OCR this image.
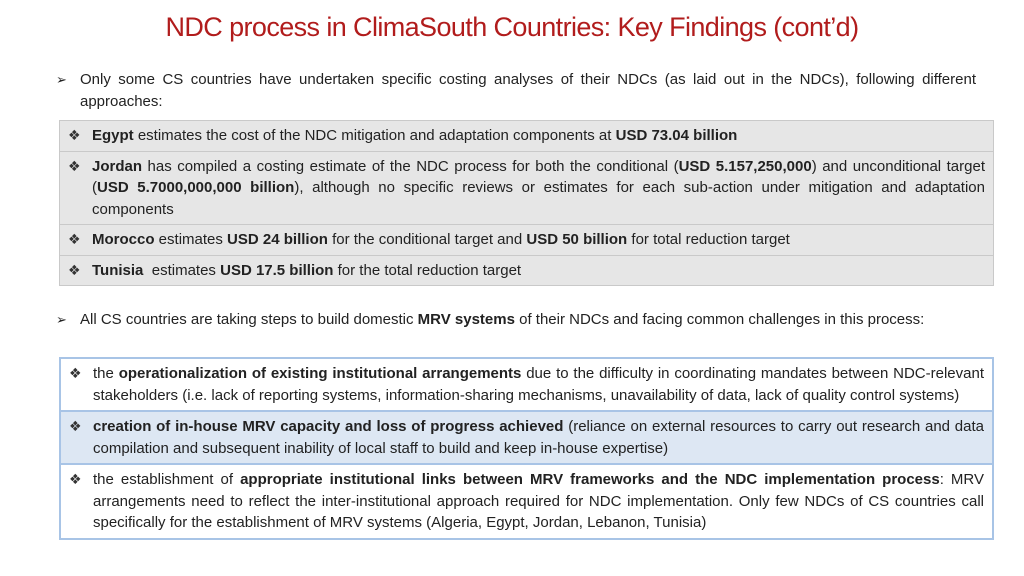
NDC process in ClimaSouth Countries: Key Findings (cont’d)
➢ Only some CS countries have undertaken specific costing analyses of their NDCs (as laid out in the NDCs), following different approaches:
❖ Egypt estimates the cost of the NDC mitigation and adaptation components at USD 73.04 billion
❖ Jordan has compiled a costing estimate of the NDC process for both the conditional (USD 5.157,250,000) and unconditional target (USD 5.7000,000,000 billion), although no specific reviews or estimates for each sub-action under mitigation and adaptation components
❖ Morocco estimates USD 24 billion for the conditional target and USD 50 billion for total reduction target
❖ Tunisia  estimates USD 17.5 billion for the total reduction target
➢ All CS countries are taking steps to build domestic MRV systems of their NDCs and facing common challenges in this process:
❖ the operationalization of existing institutional arrangements due to the difficulty in coordinating mandates between NDC-relevant stakeholders (i.e. lack of reporting systems, information-sharing mechanisms, unavailability of data, lack of quality control systems)
❖ creation of in-house MRV capacity and loss of progress achieved (reliance on external resources to carry out research and data compilation and subsequent inability of local staff to build and keep in-house expertise)
❖ the establishment of appropriate institutional links between MRV frameworks and the NDC implementation process: MRV arrangements need to reflect the inter-institutional approach required for NDC implementation. Only few NDCs of CS countries call specifically for the establishment of MRV systems (Algeria, Egypt, Jordan, Lebanon, Tunisia)
